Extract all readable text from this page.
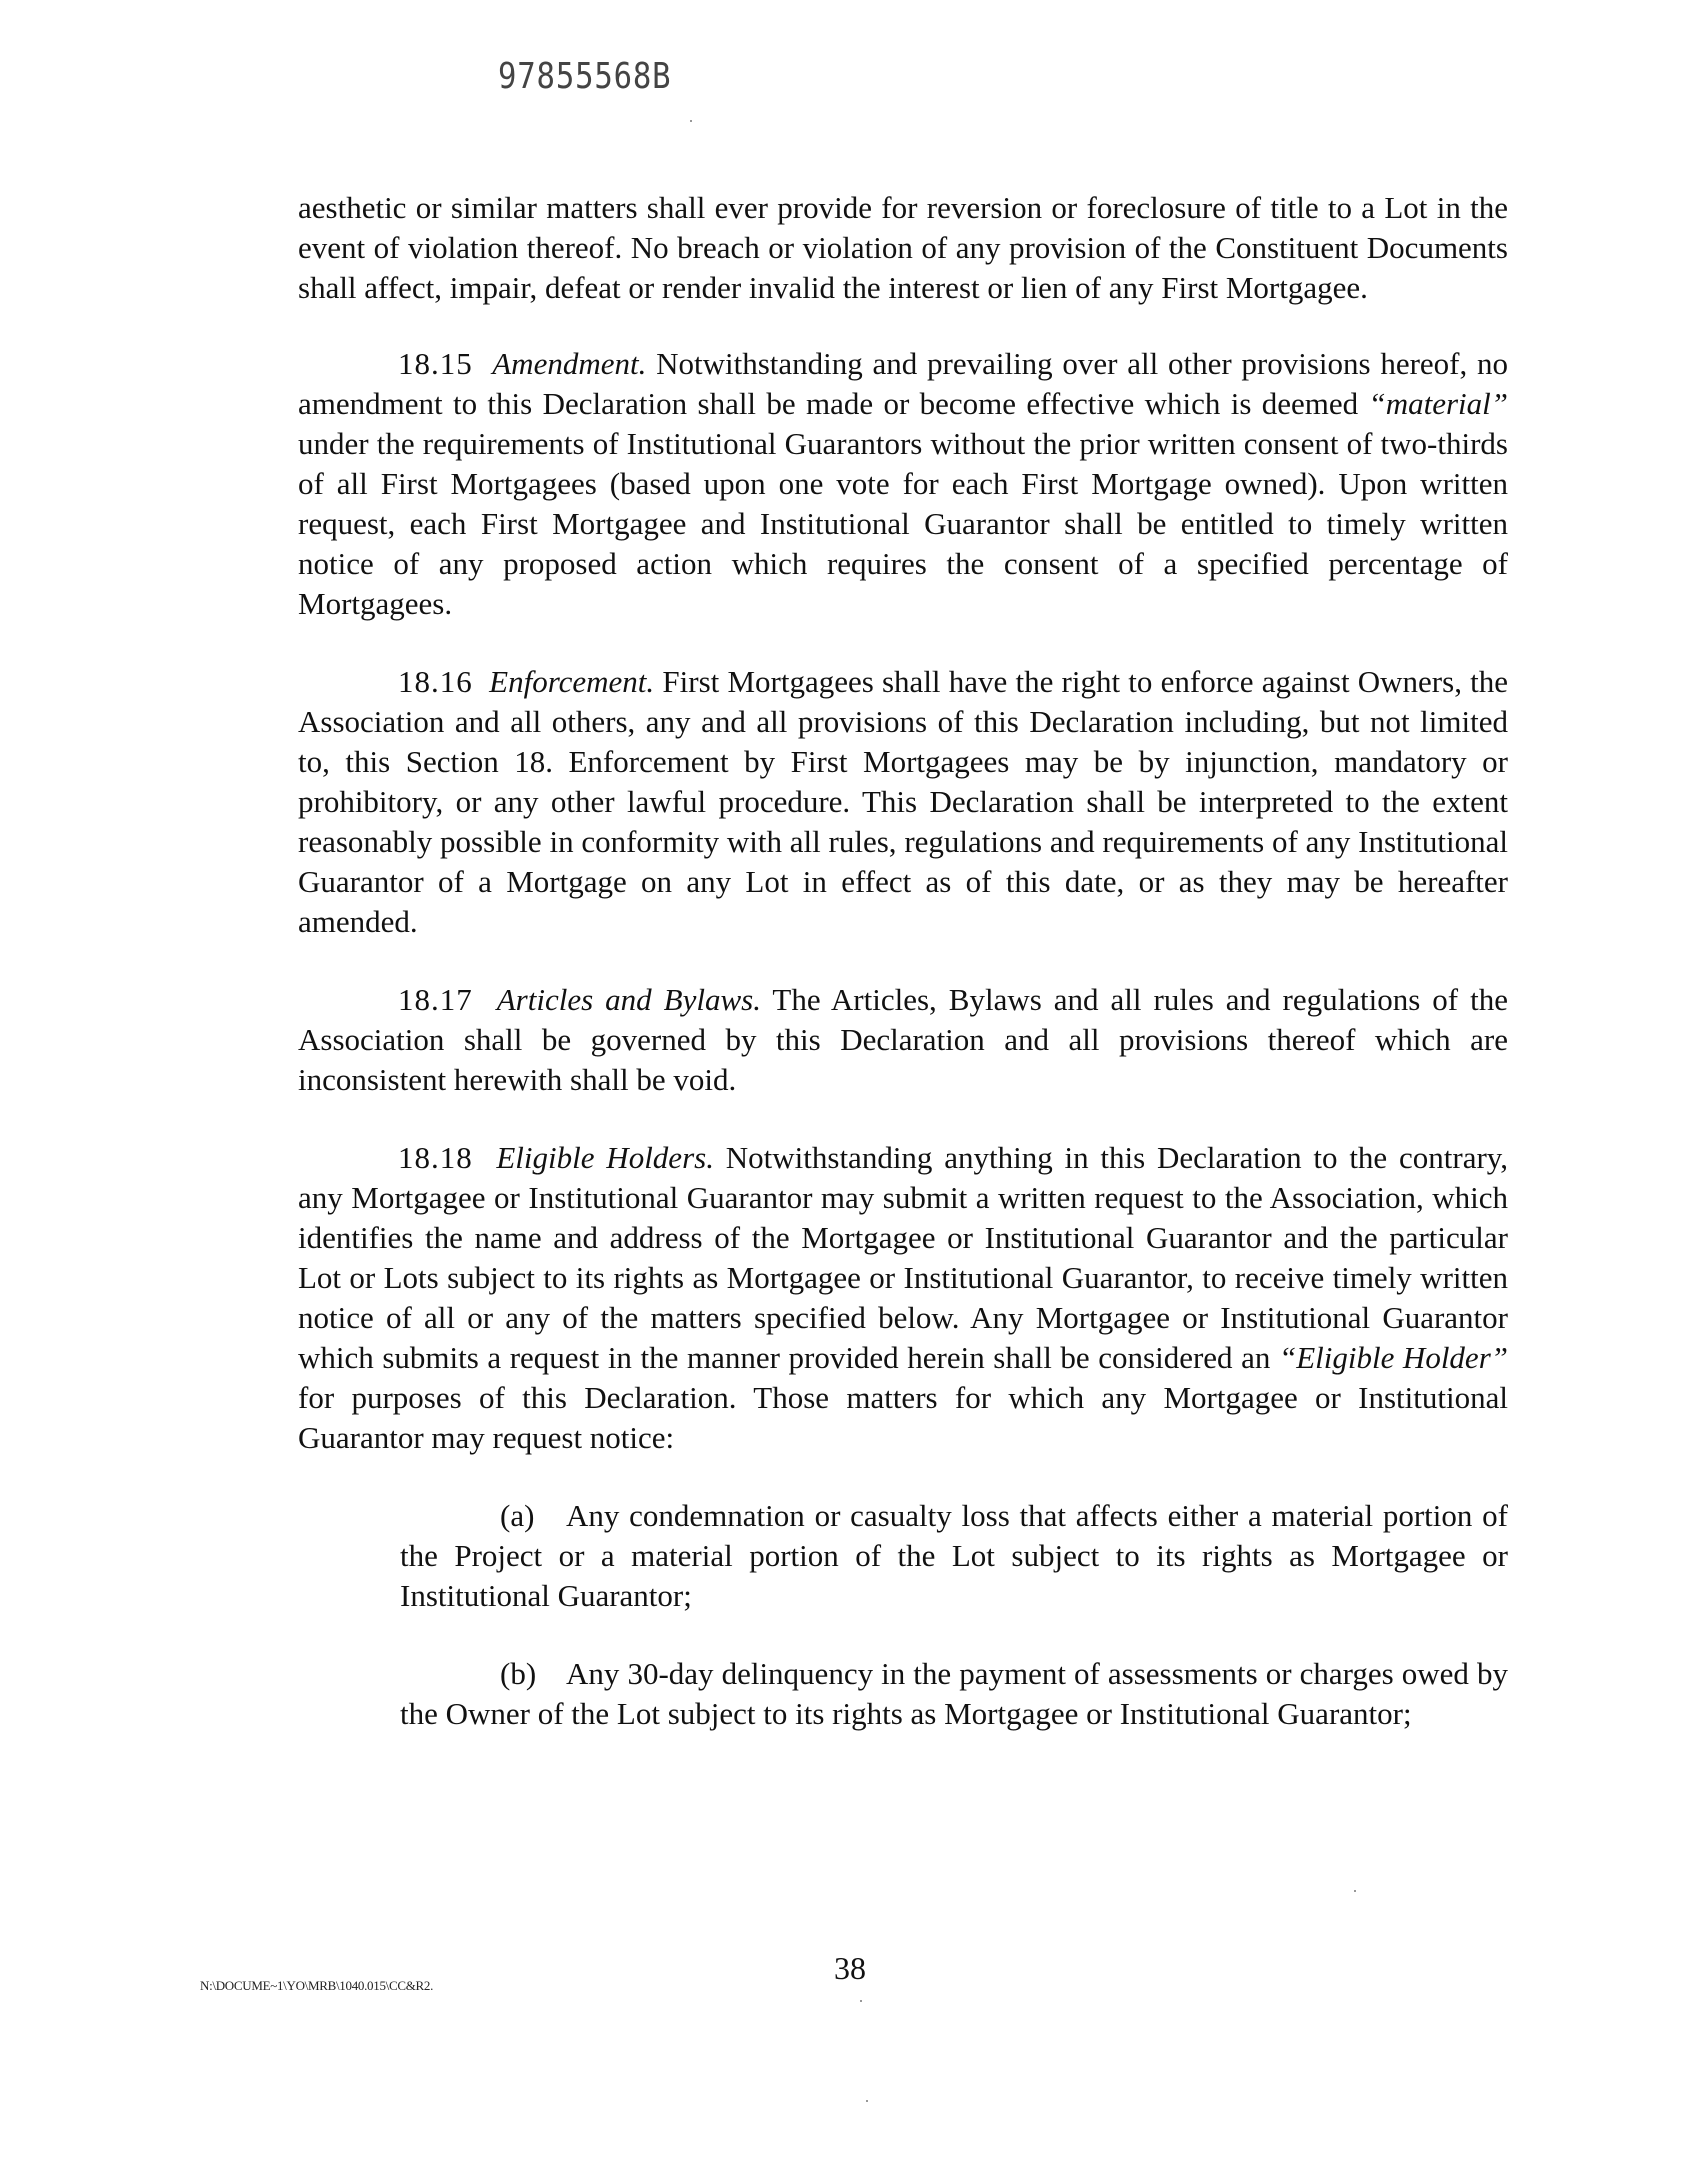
97855568B

aesthetic or similar matters shall ever provide for reversion or foreclosure of title to a Lot in the event of violation thereof. No breach or violation of any provision of the Constituent Documents shall affect, impair, defeat or render invalid the interest or lien of any First Mortgagee.

18.15 Amendment. Notwithstanding and prevailing over all other provisions hereof, no amendment to this Declaration shall be made or become effective which is deemed “material” under the requirements of Institutional Guarantors without the prior written consent of two-thirds of all First Mortgagees (based upon one vote for each First Mortgage owned). Upon written request, each First Mortgagee and Institutional Guarantor shall be entitled to timely written notice of any proposed action which requires the consent of a specified percentage of Mortgagees.

18.16 Enforcement. First Mortgagees shall have the right to enforce against Owners, the Association and all others, any and all provisions of this Declaration including, but not limited to, this Section 18. Enforcement by First Mortgagees may be by injunction, mandatory or prohibitory, or any other lawful procedure. This Declaration shall be interpreted to the extent reasonably possible in conformity with all rules, regulations and requirements of any Institutional Guarantor of a Mortgage on any Lot in effect as of this date, or as they may be hereafter amended.

18.17 Articles and Bylaws. The Articles, Bylaws and all rules and regulations of the Association shall be governed by this Declaration and all provisions thereof which are inconsistent herewith shall be void.

18.18 Eligible Holders. Notwithstanding anything in this Declaration to the contrary, any Mortgagee or Institutional Guarantor may submit a written request to the Association, which identifies the name and address of the Mortgagee or Institutional Guarantor and the particular Lot or Lots subject to its rights as Mortgagee or Institutional Guarantor, to receive timely written notice of all or any of the matters specified below. Any Mortgagee or Institutional Guarantor which submits a request in the manner provided herein shall be considered an “Eligible Holder” for purposes of this Declaration. Those matters for which any Mortgagee or Institutional Guarantor may request notice:

(a) Any condemnation or casualty loss that affects either a material portion of the Project or a material portion of the Lot subject to its rights as Mortgagee or Institutional Guarantor;

(b) Any 30-day delinquency in the payment of assessments or charges owed by the Owner of the Lot subject to its rights as Mortgagee or Institutional Guarantor;

N:\DOCUME~1\YO\MRB\1040.015\CC&R2.	38
